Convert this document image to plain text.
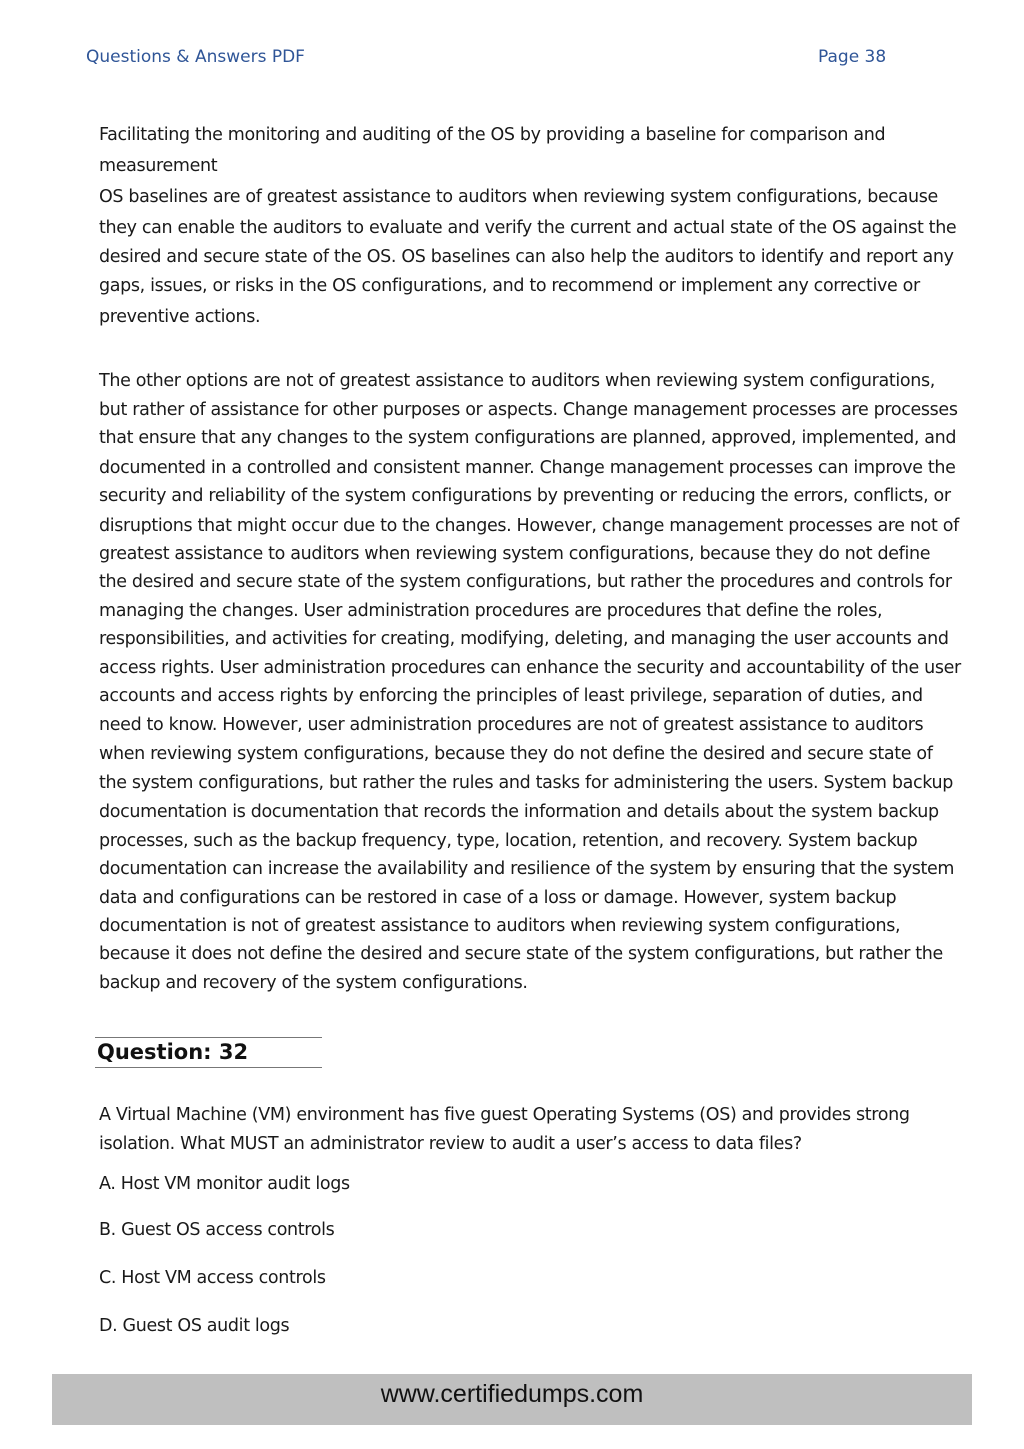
Questions & Answers PDF	Page 38
Facilitating the monitoring and auditing of the OS by providing a baseline for comparison and
measurement
OS baselines are of greatest assistance to auditors when reviewing system configurations, because
they can enable the auditors to evaluate and verify the current and actual state of the OS against the
desired and secure state of the OS. OS baselines can also help the auditors to identify and report any
gaps, issues, or risks in the OS configurations, and to recommend or implement any corrective or
preventive actions.
The other options are not of greatest assistance to auditors when reviewing system configurations,
but rather of assistance for other purposes or aspects. Change management processes are processes
that ensure that any changes to the system configurations are planned, approved, implemented, and
documented in a controlled and consistent manner. Change management processes can improve the
security and reliability of the system configurations by preventing or reducing the errors, conflicts, or
disruptions that might occur due to the changes. However, change management processes are not of
greatest assistance to auditors when reviewing system configurations, because they do not define
the desired and secure state of the system configurations, but rather the procedures and controls for
managing the changes. User administration procedures are procedures that define the roles,
responsibilities, and activities for creating, modifying, deleting, and managing the user accounts and
access rights. User administration procedures can enhance the security and accountability of the user
accounts and access rights by enforcing the principles of least privilege, separation of duties, and
need to know. However, user administration procedures are not of greatest assistance to auditors
when reviewing system configurations, because they do not define the desired and secure state of
the system configurations, but rather the rules and tasks for administering the users. System backup
documentation is documentation that records the information and details about the system backup
processes, such as the backup frequency, type, location, retention, and recovery. System backup
documentation can increase the availability and resilience of the system by ensuring that the system
data and configurations can be restored in case of a loss or damage. However, system backup
documentation is not of greatest assistance to auditors when reviewing system configurations,
because it does not define the desired and secure state of the system configurations, but rather the
backup and recovery of the system configurations.
Question: 32
A Virtual Machine (VM) environment has five guest Operating Systems (OS) and provides strong
isolation. What MUST an administrator review to audit a user’s access to data files?
A. Host VM monitor audit logs
B. Guest OS access controls
C. Host VM access controls
D. Guest OS audit logs
www.certifiedumps.com
